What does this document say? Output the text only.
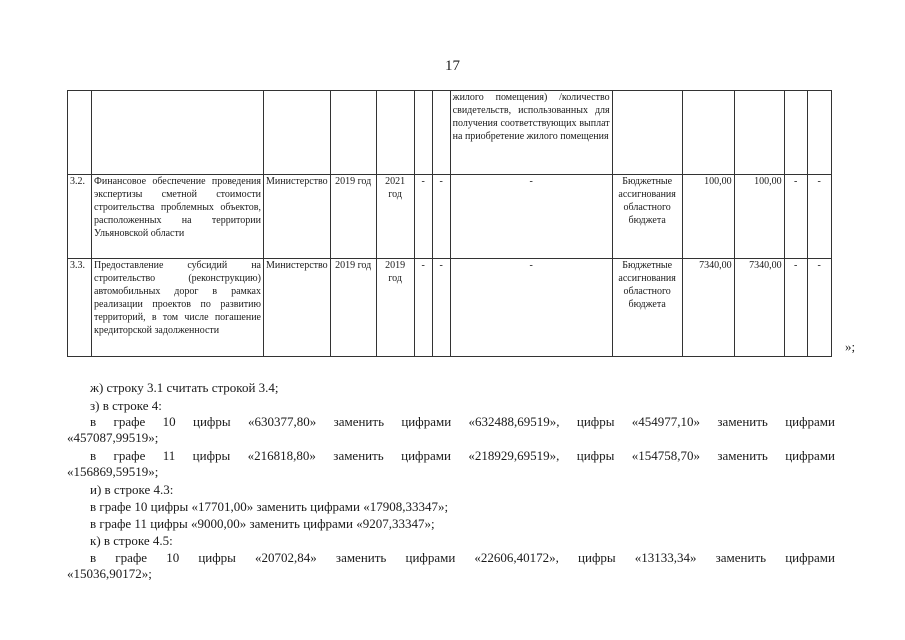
17
							жилого помещения) /количество свидетельств, использованных для получения соответствующих выплат на приобретение жилого помещения					
3.2.	Финансовое обеспечение проведения экспертизы сметной стоимости строительства проблемных объектов, расположенных на территории Ульяновской области	Министерство	2019 год	2021 год	-	-	-	Бюджетные ассигнования областного бюджета	100,00	100,00	-	-
3.3.	Предоставление субсидий на строительство (реконструкцию) автомобильных дорог в рамках реализации проектов по развитию территорий, в том числе погашение кредиторской задолженности	Министерство	2019 год	2019 год	-	-	-	Бюджетные ассигнования областного бюджета	7340,00	7340,00	-	-
»;
ж) строку 3.1 считать строкой 3.4;
з) в строке 4:
в графе 10 цифры «630377,80» заменить цифрами «632488,69519», цифры «454977,10» заменить цифрами
«457087,99519»;
в графе 11 цифры «216818,80» заменить цифрами «218929,69519», цифры «154758,70» заменить цифрами
«156869,59519»;
и) в строке 4.3:
в графе 10 цифры «17701,00» заменить цифрами «17908,33347»;
в графе 11 цифры «9000,00» заменить цифрами «9207,33347»;
к) в строке 4.5:
в графе 10 цифры «20702,84» заменить цифрами «22606,40172», цифры «13133,34» заменить цифрами
«15036,90172»;
